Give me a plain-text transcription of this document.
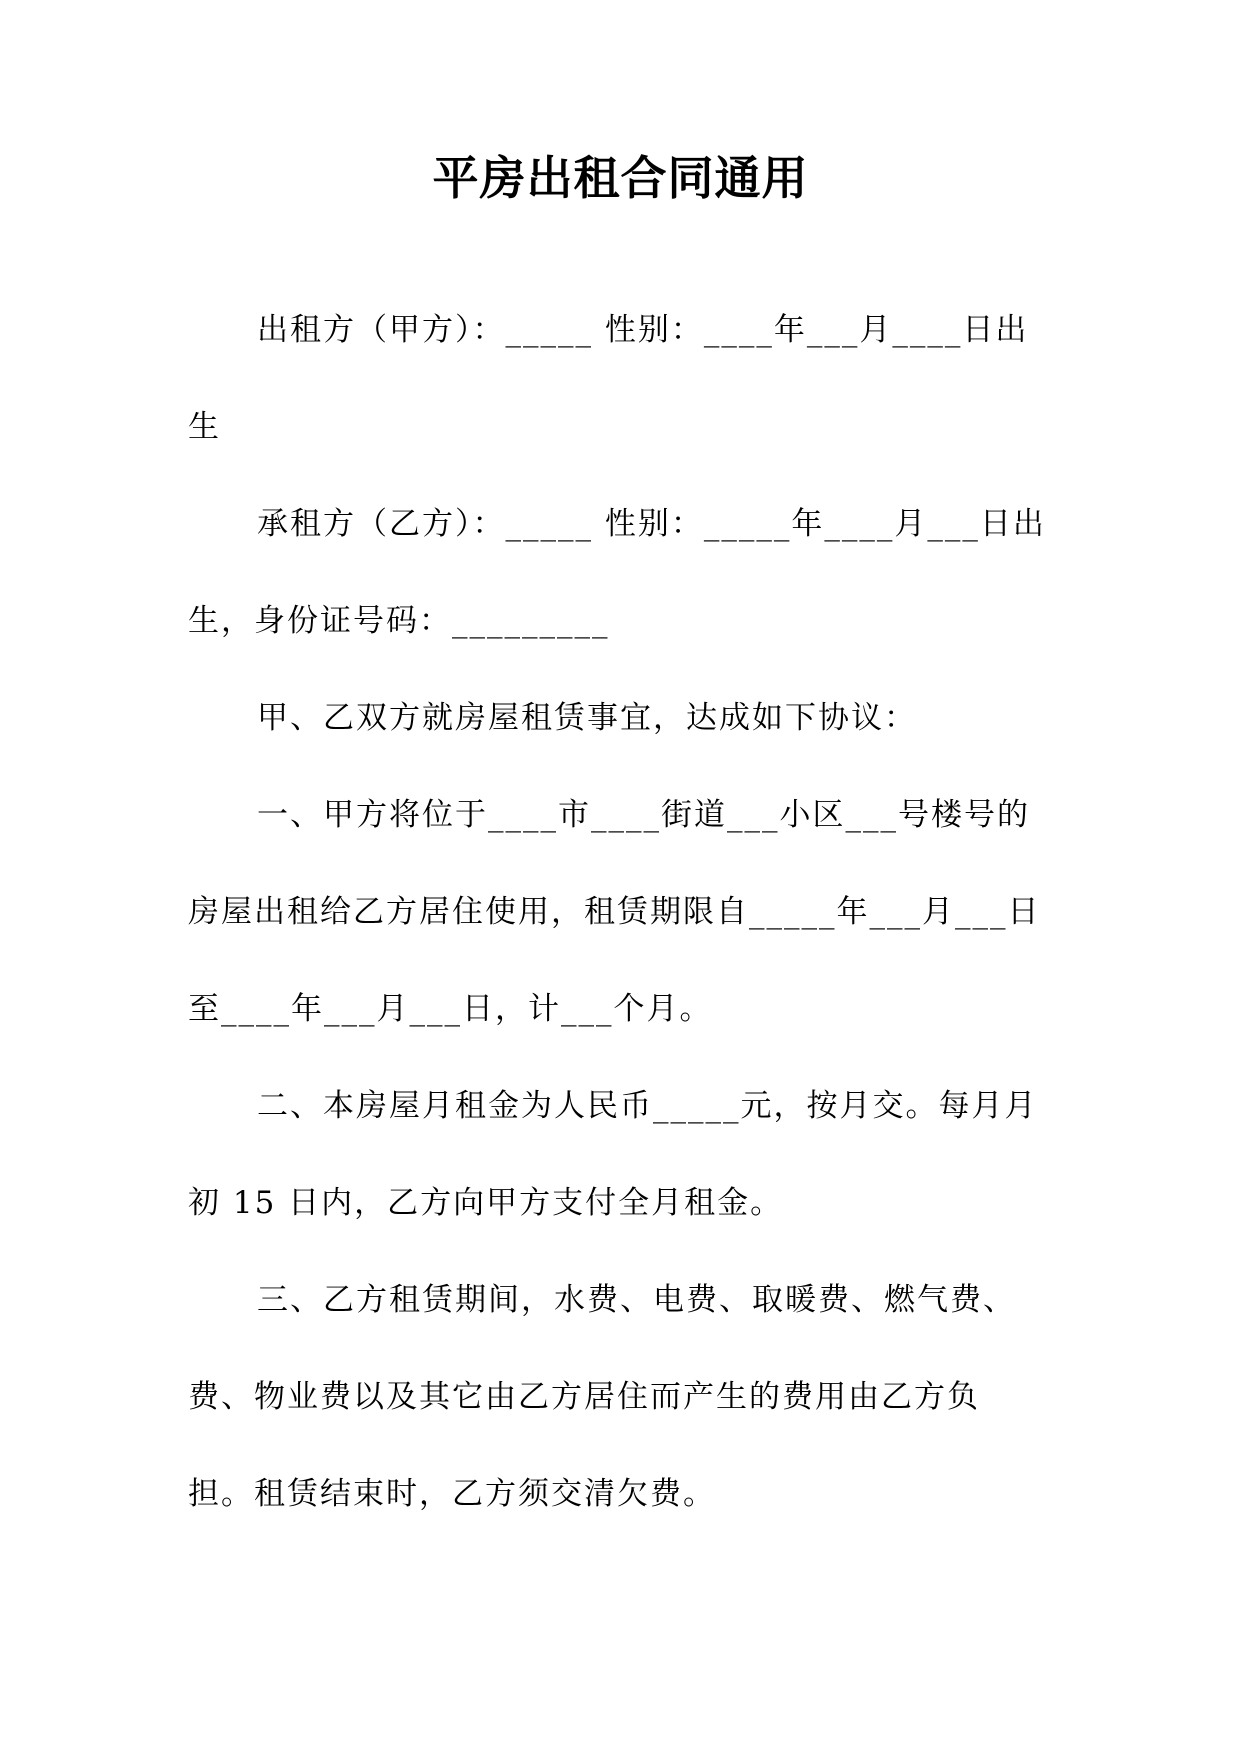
平房出租合同通用
出租方（甲方）：_____ 性别：____年___月____日出
生
承租方（乙方）：_____ 性别：_____年____月___日出
生，身份证号码：_________
甲、乙双方就房屋租赁事宜，达成如下协议：
一、甲方将位于____市____街道___小区___号楼号的
房屋出租给乙方居住使用，租赁期限自_____年___月___日
至____年___月___日，计___个月。
二、本房屋月租金为人民币_____元，按月交。每月月
初 15 日内，乙方向甲方支付全月租金。
三、乙方租赁期间，水费、电费、取暖费、燃气费、
费、物业费以及其它由乙方居住而产生的费用由乙方负
担。租赁结束时，乙方须交清欠费。
